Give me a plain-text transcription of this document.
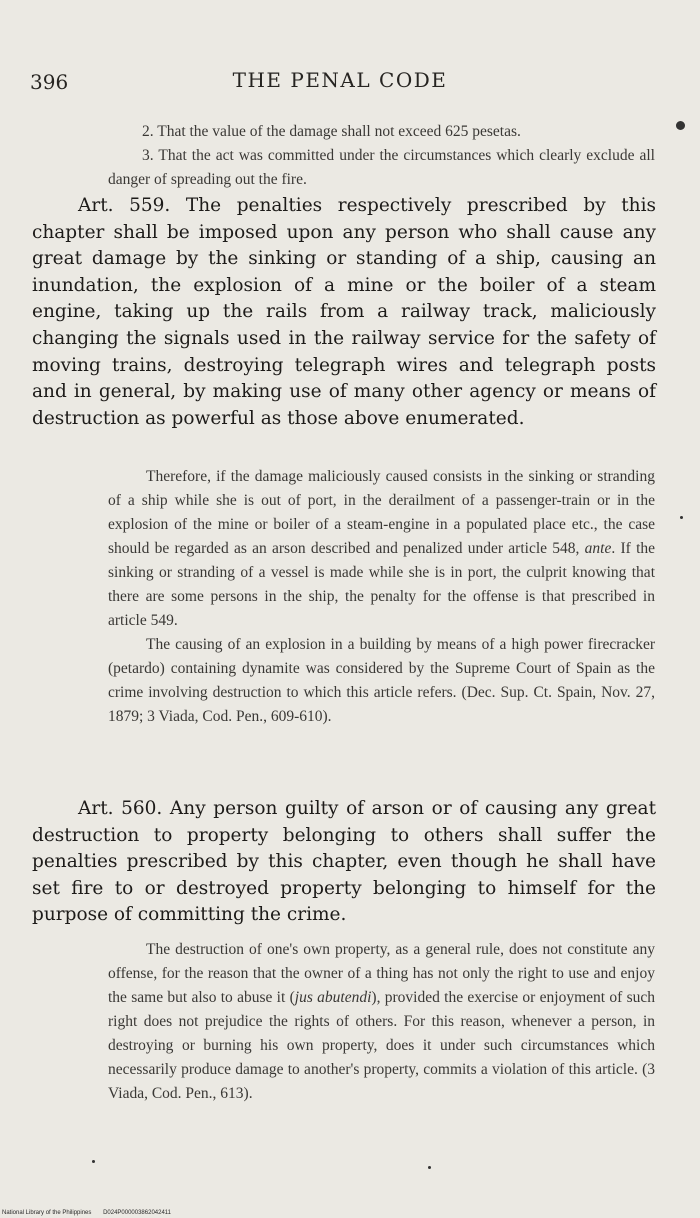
396	THE PENAL CODE

2. That the value of the damage shall not exceed 625 pesetas.

3. That the act was committed under the circumstances which clearly exclude all danger of spreading out the fire.

Art. 559. The penalties respectively prescribed by this chapter shall be imposed upon any person who shall cause any great damage by the sinking or standing of a ship, causing an inundation, the explosion of a mine or the boiler of a steam engine, taking up the rails from a railway track, maliciously changing the signals used in the railway service for the safety of moving trains, destroying telegraph wires and telegraph posts and in general, by making use of many other agency or means of destruction as powerful as those above enumerated.

Therefore, if the damage maliciously caused consists in the sinking or stranding of a ship while she is out of port, in the derailment of a passenger-train or in the explosion of the mine or boiler of a steam-engine in a populated place etc., the case should be regarded as an arson described and penalized under article 548, ante. If the sinking or stranding of a vessel is made while she is in port, the culprit knowing that there are some persons in the ship, the penalty for the offense is that prescribed in article 549.

The causing of an explosion in a building by means of a high power firecracker (petardo) containing dynamite was considered by the Supreme Court of Spain as the crime involving destruction to which this article refers. (Dec. Sup. Ct. Spain, Nov. 27, 1879; 3 Viada, Cod. Pen., 609-610).

Art. 560. Any person guilty of arson or of causing any great destruction to property belonging to others shall suffer the penalties prescribed by this chapter, even though he shall have set fire to or destroyed property belonging to himself for the purpose of committing the crime.

The destruction of one's own property, as a general rule, does not constitute any offense, for the reason that the owner of a thing has not only the right to use and enjoy the same but also to abuse it (jus abutendi), provided the exercise or enjoyment of such right does not prejudice the rights of others. For this reason, whenever a person, in destroying or burning his own property, does it under such circumstances which necessarily produce damage to another's property, commits a violation of this article. (3 Viada, Cod. Pen., 613).

National Library of the Philippines D024P000003862042411
